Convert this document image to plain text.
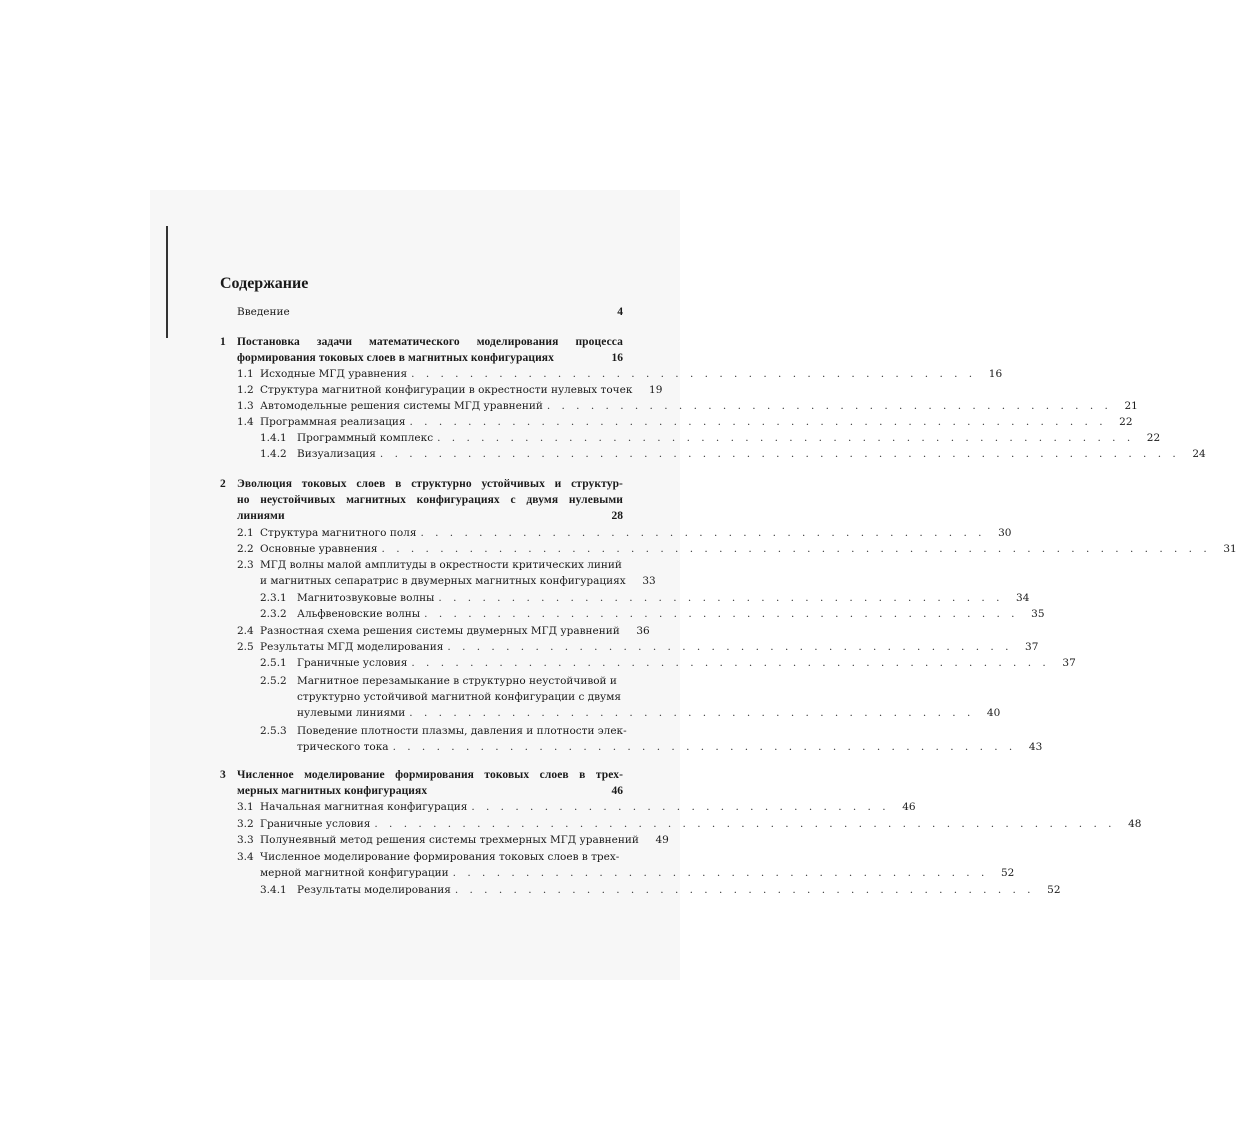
Содержание
Введение	4
1 Постановка задачи математического моделирования процесса
формирования токовых слоев в магнитных конфигурациях	16
1.1 Исходные МГД уравнения . . . . . . . . . . . . . . . . . . . . . . . . . . . . . . . . . . . . . . .	16
1.2 Структура магнитной конфигурации в окрестности нулевых точек	19
1.3 Автомодельные решения системы МГД уравнений . . . . . . . . . . . . . . . . . . . . . . . . . . . . . . . . . . . . . . .	21
1.4 Программная реализация . . . . . . . . . . . . . . . . . . . . . . . . . . . . . . . . . . . . . . . . . . . . . . . .	22
1.4.1 Программный комплекс . . . . . . . . . . . . . . . . . . . . . . . . . . . . . . . . . . . . . . . . . . . . . . . .	22
1.4.2 Визуализация . . . . . . . . . . . . . . . . . . . . . . . . . . . . . . . . . . . . . . . . . . . . . . . . . . . . . . .	24
2 Эволюция токовых слоев в структурно устойчивых и структур-
но неустойчивых магнитных конфигурациях с двумя нулевыми
линиями	28
2.1 Структура магнитного поля . . . . . . . . . . . . . . . . . . . . . . . . . . . . . . . . . . . . . . .	30
2.2 Основные уравнения . . . . . . . . . . . . . . . . . . . . . . . . . . . . . . . . . . . . . . . . . . . . . . . . . . . . . . . . .	31
2.3 МГД волны малой амплитуды в окрестности критических линий
и магнитных сепаратрис в двумерных магнитных конфигурациях	33
2.3.1 Магнитозвуковые волны . . . . . . . . . . . . . . . . . . . . . . . . . . . . . . . . . . . . . . .	34
2.3.2 Альфвеновские волны . . . . . . . . . . . . . . . . . . . . . . . . . . . . . . . . . . . . . . . . .	35
2.4 Разностная схема решения системы двумерных МГД уравнений	36
2.5 Результаты МГД моделирования . . . . . . . . . . . . . . . . . . . . . . . . . . . . . . . . . . . . . . .	37
2.5.1 Граничные условия . . . . . . . . . . . . . . . . . . . . . . . . . . . . . . . . . . . . . . . . . . . .	37
2.5.2 Магнитное перезамыкание в структурно неустойчивой и
структурно устойчивой магнитной конфигурации с двумя
нулевыми линиями . . . . . . . . . . . . . . . . . . . . . . . . . . . . . . . . . . . . . . .	40
2.5.3 Поведение плотности плазмы, давления и плотности элек-
трического тока . . . . . . . . . . . . . . . . . . . . . . . . . . . . . . . . . . . . . . . . . . .	43
3 Численное моделирование формирования токовых слоев в трех-
мерных магнитных конфигурациях	46
3.1 Начальная магнитная конфигурация . . . . . . . . . . . . . . . . . . . . . . . . . . . . .	46
3.2 Граничные условия . . . . . . . . . . . . . . . . . . . . . . . . . . . . . . . . . . . . . . . . . . . . . . . . . . .	48
3.3 Полунеявный метод решения системы трехмерных МГД уравнений	49
3.4 Численное моделирование формирования токовых слоев в трех-
мерной магнитной конфигурации . . . . . . . . . . . . . . . . . . . . . . . . . . . . . . . . . . . . .	52
3.4.1 Результаты моделирования . . . . . . . . . . . . . . . . . . . . . . . . . . . . . . . . . . . . . . . .	52
